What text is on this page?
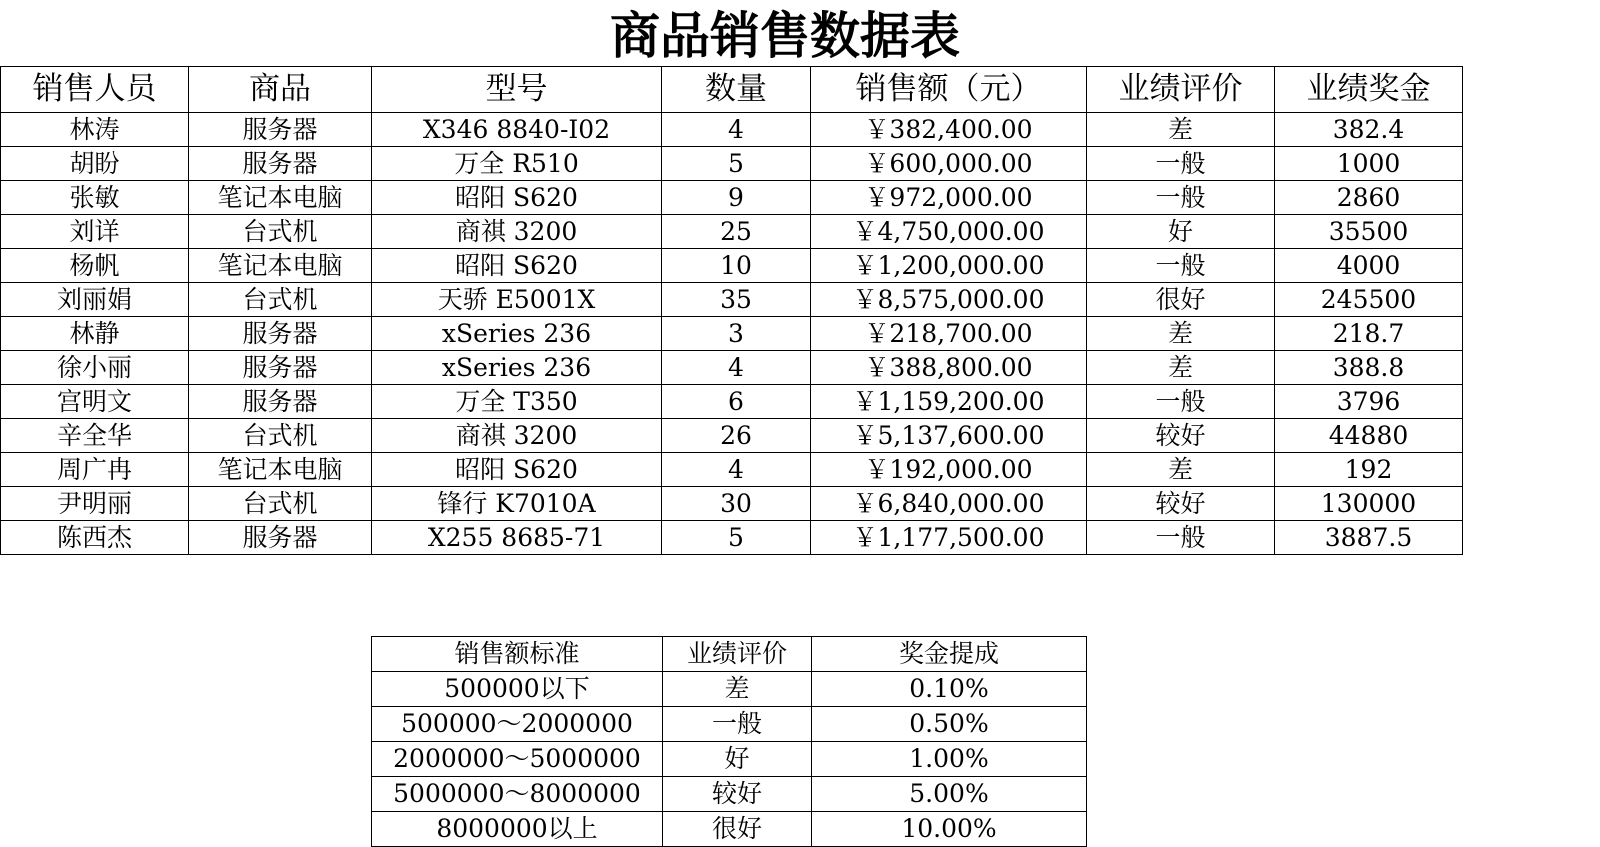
商品销售数据表
销售人员	商品	型号	数量	销售额（元）	业绩评价	业绩奖金
林涛	服务器	X346 8840-I02	4	￥382,400.00	差	382.4
胡盼	服务器	万全 R510	5	￥600,000.00	一般	1000
张敏	笔记本电脑	昭阳 S620	9	￥972,000.00	一般	2860
刘详	台式机	商祺 3200	25	￥4,750,000.00	好	35500
杨帆	笔记本电脑	昭阳 S620	10	￥1,200,000.00	一般	4000
刘丽娟	台式机	天骄 E5001X	35	￥8,575,000.00	很好	245500
林静	服务器	xSeries 236	3	￥218,700.00	差	218.7
徐小丽	服务器	xSeries 236	4	￥388,800.00	差	388.8
宫明文	服务器	万全 T350	6	￥1,159,200.00	一般	3796
辛全华	台式机	商祺 3200	26	￥5,137,600.00	较好	44880
周广冉	笔记本电脑	昭阳 S620	4	￥192,000.00	差	192
尹明丽	台式机	锋行 K7010A	30	￥6,840,000.00	较好	130000
陈西杰	服务器	X255 8685-71	5	￥1,177,500.00	一般	3887.5
销售额标准	业绩评价	奖金提成
500000以下	差	0.10%
500000～2000000	一般	0.50%
2000000～5000000	好	1.00%
5000000～8000000	较好	5.00%
8000000以上	很好	10.00%
